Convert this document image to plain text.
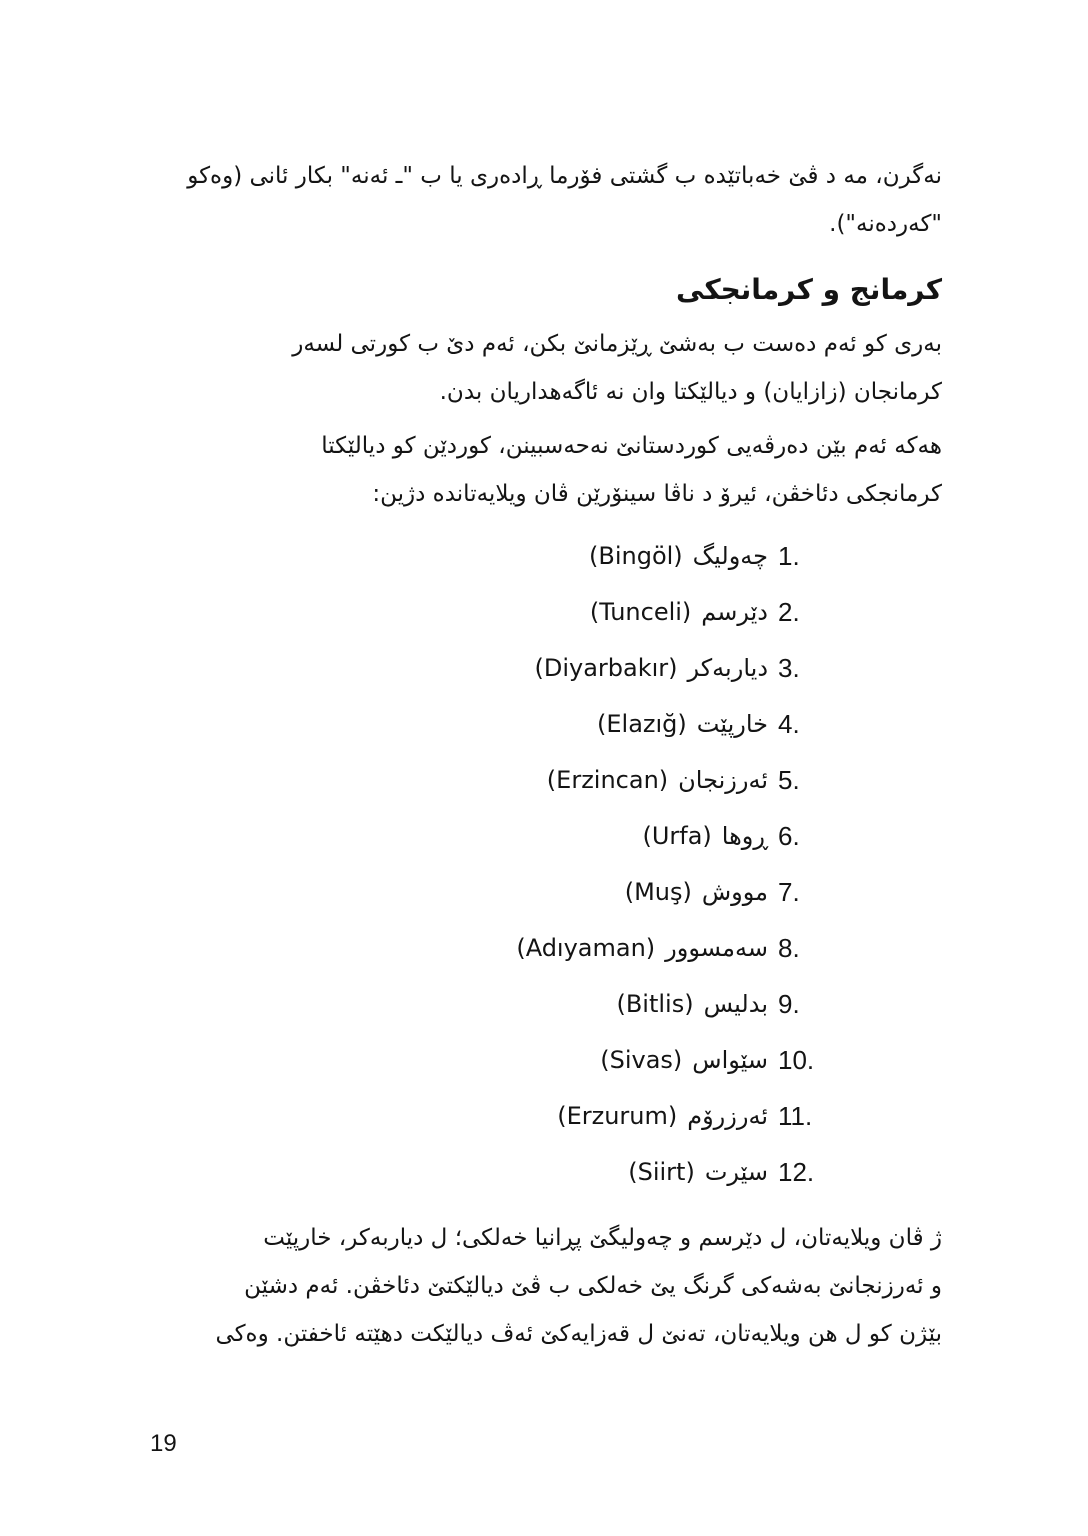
نەگرن، مە د ڤێ خەباتێدە ب گشتی فۆرما ڕادەری یا ب "ـ‌ ئەنە" بکار ئانی (وەکو

"کەردەنە").

کرمانج و کرمانجکی

بەری کو ئەم دەست ب بەشێ ڕێزمانێ بکن، ئەم دێ ب کورتی لسەر

کرمانجان (زازایان) و دیالێکتا وان نە ئاگەهداریان بدن.

هەکە ئەم بێن دەرڤەیی کوردستانێ نەحەسبینن، کوردێن کو دیالێکتا

کرمانجکی دئاخڤن، ئیرۆ د ناڤا سینۆرێن ڤان ویلایەتاندە دژین:

(Bingöl) چەولیگ 1.
(Tunceli) دێرسم 2.
(Diyarbakır) دیاربەکر 3.
(Elazığ) خارپێت 4.
(Erzincan) ئەرزنجان 5.
(Urfa) ڕوها 6.
(Muş) مووش 7.
(Adıyaman) سەمسوور 8.
(Bitlis) بدلیس 9.
(Sivas) سێواس 10.
(Erzurum) ئەرزرۆم 11.
(Siirt) سێرت 12.

ژ ڤان ویلایەتان، ل دێرسم و چەولیگێ پڕانیا خەلکی؛ ل دیاربەکر، خارپێت

و ئەرزنجانێ بەشەکی گرنگ یێ خەلکی ب ڤێ دیالێکتێ دئاخڤن. ئەم دشێن

بێژن کو ل هن ویلایەتان، تەنێ ل قەزایەکێ ئەڤ دیالێکت دهێتە ئاخفتن. وەکی

19
